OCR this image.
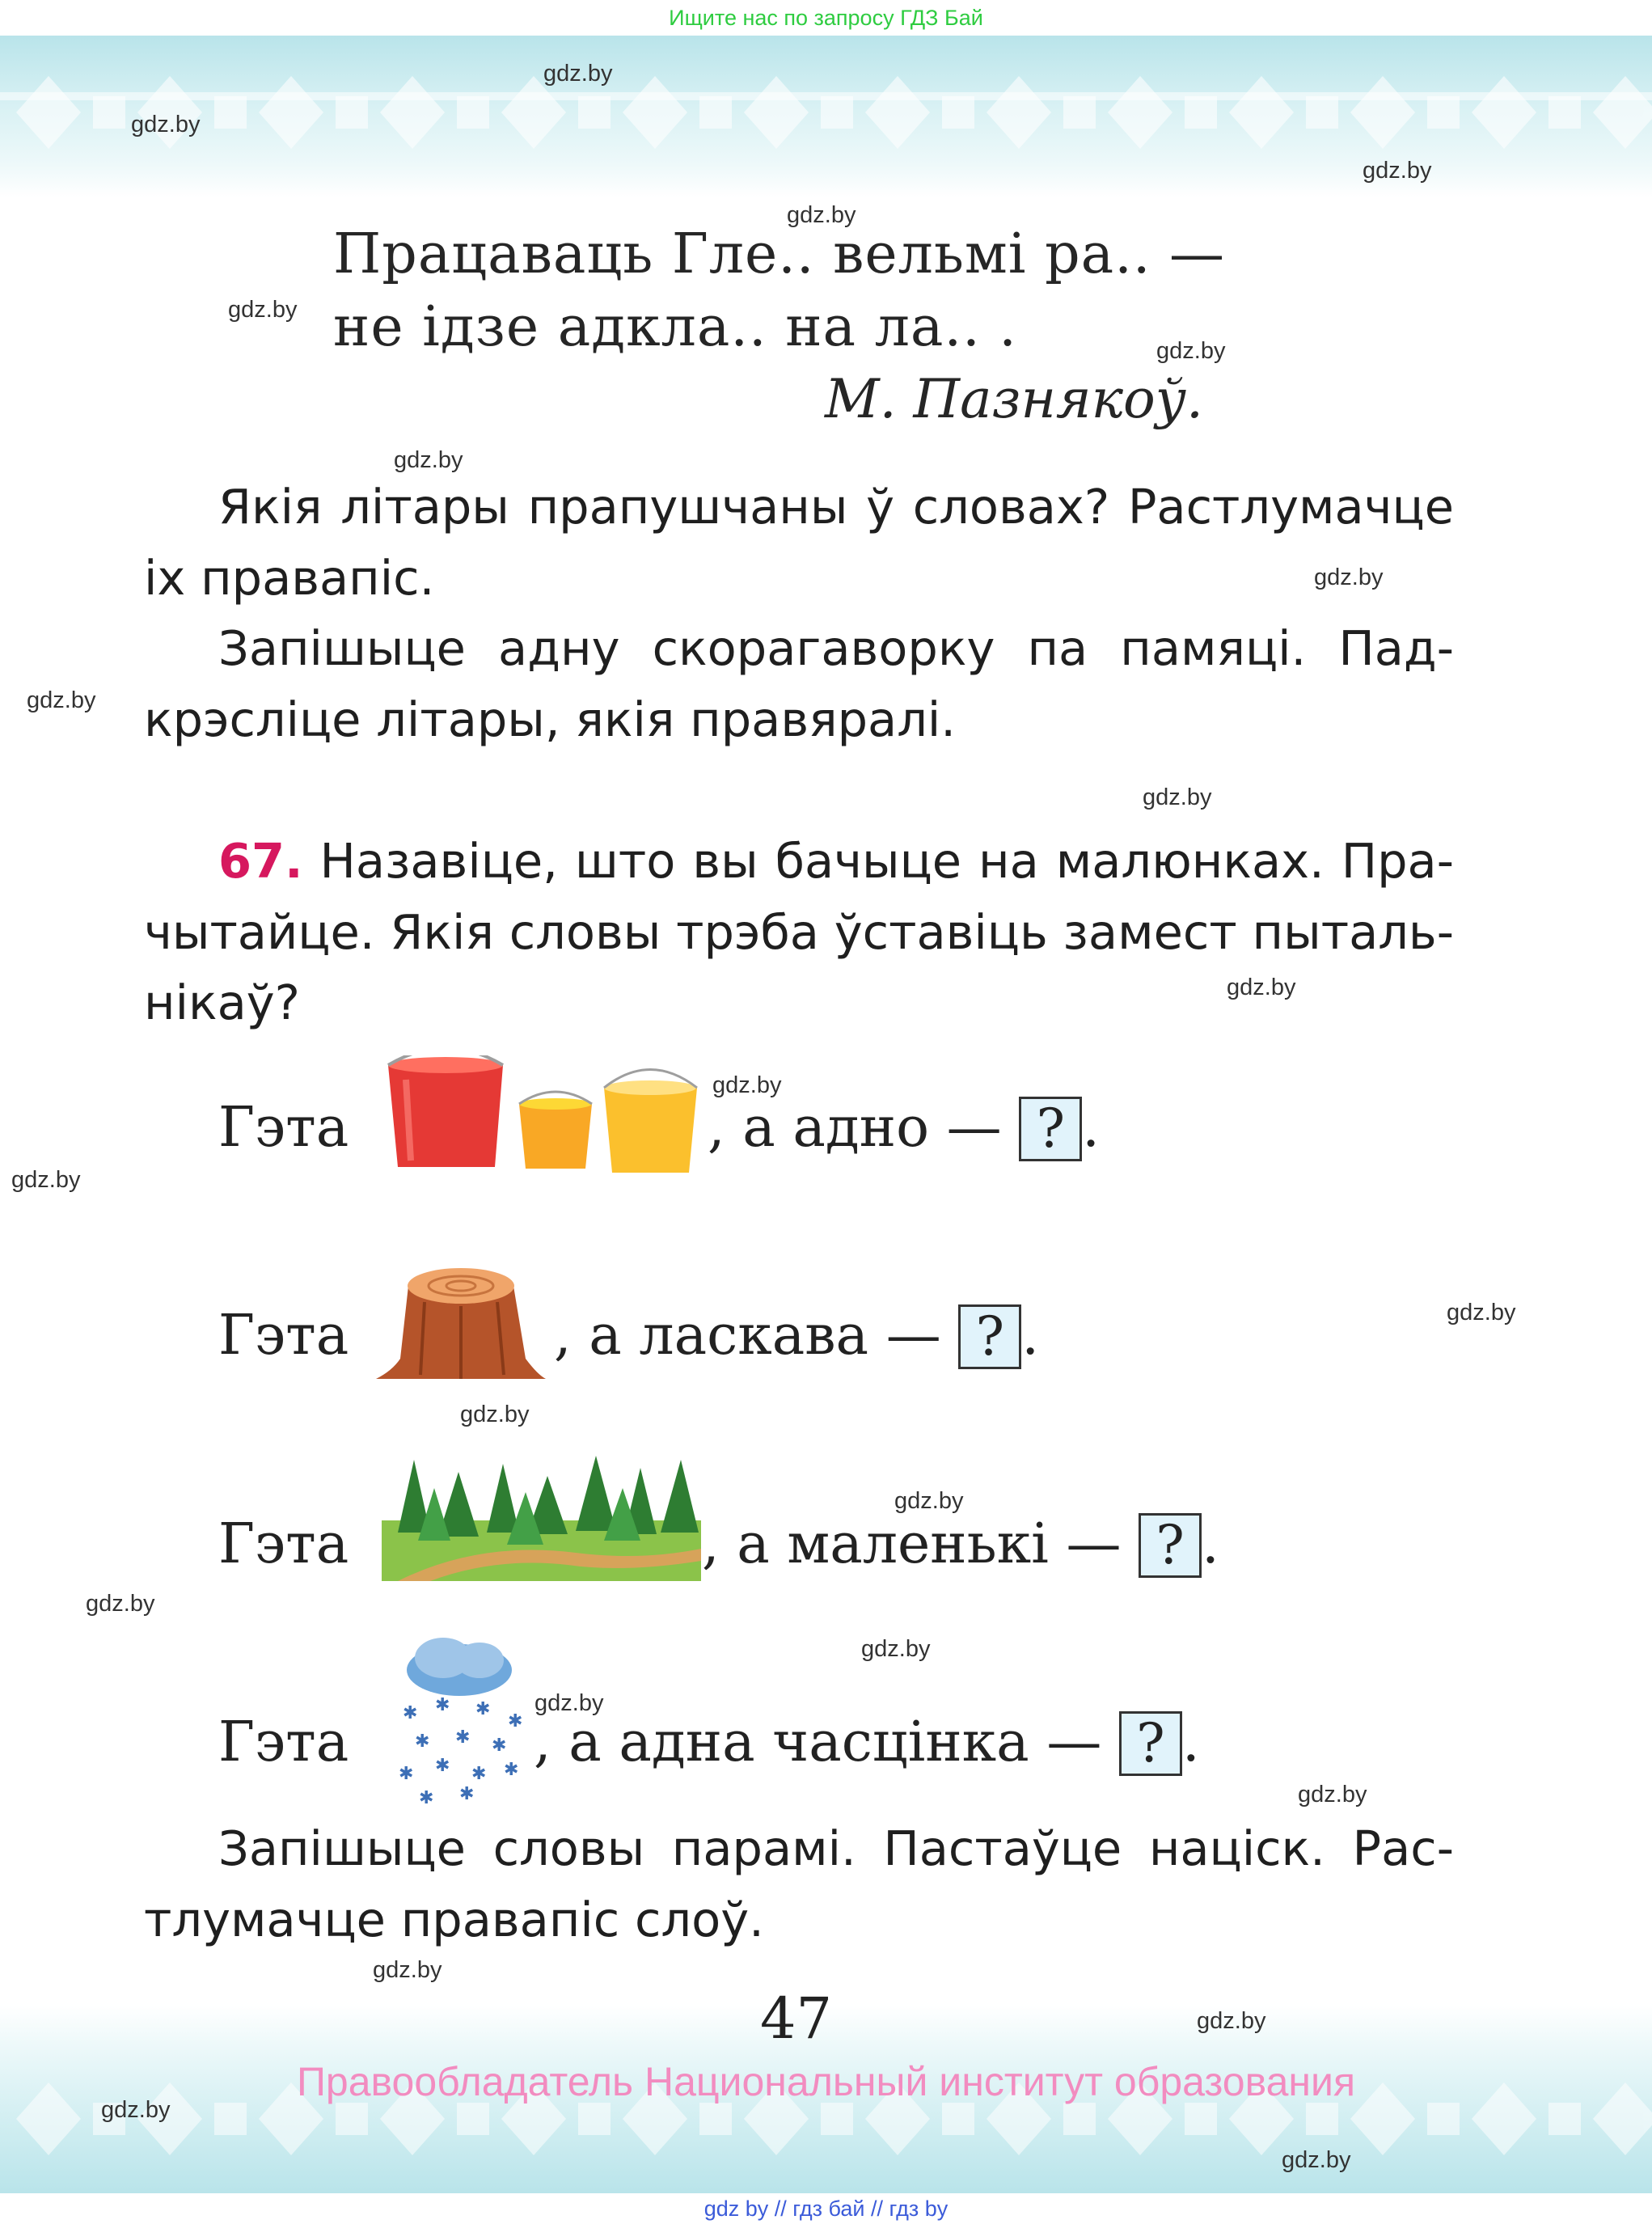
Ищите нас по запросу ГДЗ Бай
Працаваць Гле.. вельмі ра.. —
не ідзе адкла.. на ла.. .
М. Пазнякоў.
Якія літары прапушчаны ў словах? Растлумачце
іх правапіс.
Запішыце адну скорагаворку па памяці. Пад-
крэсліце літары, якія правяралі.
67. Назавіце, што вы бачыце на малюнках. Пра-
чытайце. Якія словы трэба ўставіць замест пыталь-
нікаў?
Гэта	, а адно — ? .
Гэта	, а ласкава — ? .
Гэта	, а маленькі — ? .
Гэта	✱ ✱ ✱
✱
✱ ✱ ✱
✱ ✱ ✱ ✱
✱ ✱
, а адна часцінка — ? .
Запішыце словы парамі. Пастаўце націск. Рас-
тлумачце правапіс слоў.
47
Правообладатель Национальный институт образования
gdz by // гдз бай // гдз by
gdz.by
gdz.by
gdz.by
gdz.by
gdz.by
gdz.by
gdz.by
gdz.by
gdz.by
gdz.by
gdz.by
gdz.by
gdz.by
gdz.by
gdz.by
gdz.by
gdz.by
gdz.by
gdz.by
gdz.by
gdz.by
gdz.by
gdz.by
gdz.by
